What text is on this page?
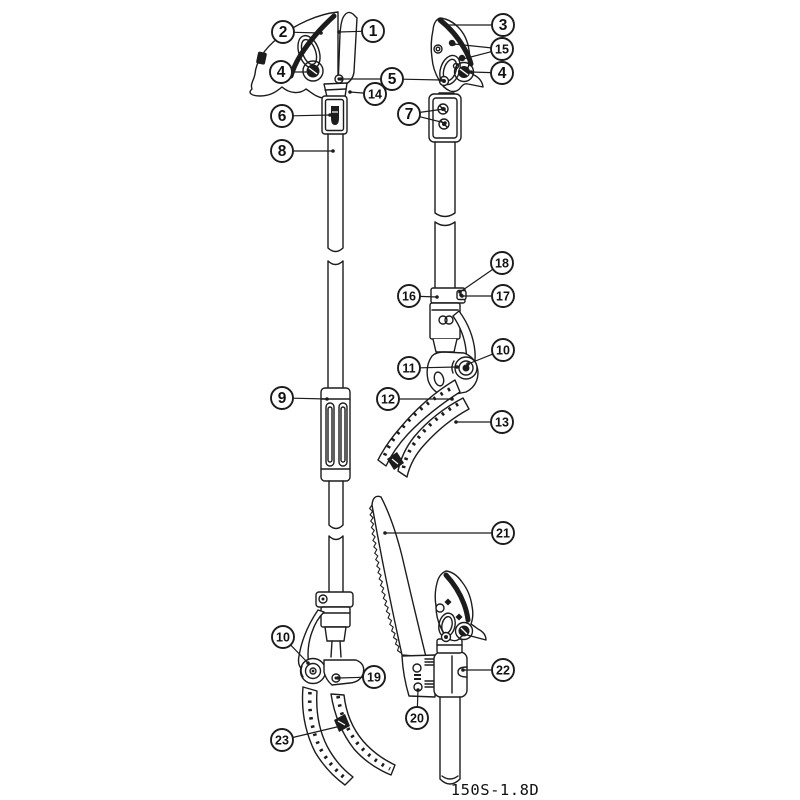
2	1	3
15
4	4
5
14
6	7
8
18
16	17
10
11
12
9
13
21
10
19	22
20
23
150S-1.8D
